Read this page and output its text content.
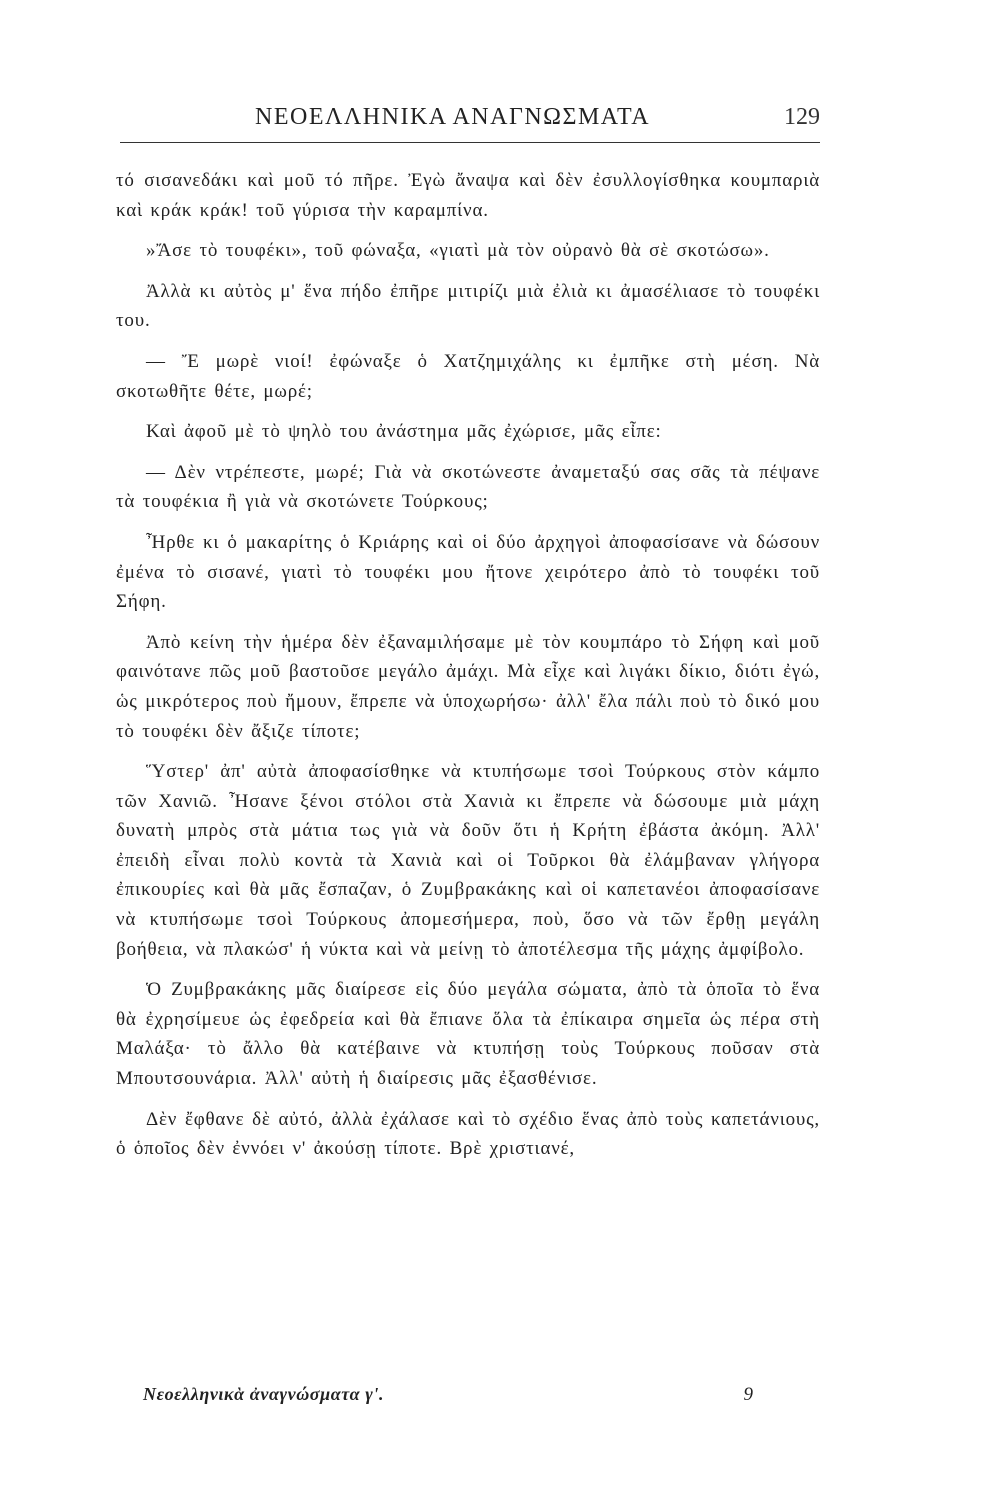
ΝΕΟΕΛΛΗΝΙΚΑ ΑΝΑΓΝΩΣΜΑΤΑ	129

τό σισανεδάκι καὶ μοῦ τό πῆρε. Ἐγὼ ἄναψα καὶ δὲν ἐσυλλογίσθηκα κουμπαριὰ καὶ κράκ κράκ! τοῦ γύρισα τὴν καραμπίνα.

»Ἄσε τὸ τουφέκι», τοῦ φώναξα, «γιατὶ μὰ τὸν οὐρανὸ θὰ σὲ σκοτώσω».

Ἀλλὰ κι αὐτὸς μ' ἕνα πήδο ἐπῆρε μιτιρίζι μιὰ ἐλιὰ κι ἀμασέλιασε τὸ τουφέκι του.

— Ἔ μωρὲ νιοί! ἐφώναξε ὁ Χατζημιχάλης κι ἐμπῆκε στὴ μέση. Νὰ σκοτωθῆτε θέτε, μωρέ;

Καὶ ἀφοῦ μὲ τὸ ψηλὸ του ἀνάστημα μᾶς ἐχώρισε, μᾶς εἶπε:

— Δὲν ντρέπεστε, μωρέ; Γιὰ νὰ σκοτώνεστε ἀναμεταξύ σας σᾶς τὰ πέψανε τὰ τουφέκια ἢ γιὰ νὰ σκοτώνετε Τούρκους;

Ἦρθε κι ὁ μακαρίτης ὁ Κριάρης καὶ οἱ δύο ἀρχηγοὶ ἀποφασίσανε νὰ δώσουν ἐμένα τὸ σισανέ, γιατὶ τὸ τουφέκι μου ἤτονε χειρότερο ἀπὸ τὸ τουφέκι τοῦ Σήφη.

Ἀπὸ κείνη τὴν ἡμέρα δὲν ἐξαναμιλήσαμε μὲ τὸν κουμπάρο τὸ Σήφη καὶ μοῦ φαινότανε πῶς μοῦ βαστοῦσε μεγάλο ἀμάχι. Μὰ εἶχε καὶ λιγάκι δίκιο, διότι ἐγώ, ὡς μικρότερος ποὺ ἤμουν, ἔπρεπε νὰ ὑποχωρήσω· ἀλλ' ἔλα πάλι ποὺ τὸ δικό μου τὸ τουφέκι δὲν ἄξιζε τίποτε;

Ὕστερ' ἀπ' αὐτὰ ἀποφασίσθηκε νὰ κτυπήσωμε τσοὶ Τούρκους στὸν κάμπο τῶν Χανιῶ. Ἦσανε ξένοι στόλοι στὰ Χανιὰ κι ἔπρεπε νὰ δώσουμε μιὰ μάχη δυνατὴ μπρὸς στὰ μάτια τως γιὰ νὰ δοῦν ὅτι ἡ Κρήτη ἐβάστα ἀκόμη. Ἀλλ' ἐπειδὴ εἶναι πολὺ κοντὰ τὰ Χανιὰ καὶ οἱ Τοῦρκοι θὰ ἐλάμβαναν γλήγορα ἐπικουρίες καὶ θὰ μᾶς ἔσπαζαν, ὁ Ζυμβρακάκης καὶ οἱ καπετανέοι ἀποφασίσανε νὰ κτυπήσωμε τσοὶ Τούρκους ἀπομεσήμερα, ποὺ, ὅσο νὰ τῶν ἔρθῃ μεγάλη βοήθεια, νὰ πλακώσ' ἡ νύκτα καὶ νὰ μείνῃ τὸ ἀποτέλεσμα τῆς μάχης ἀμφίβολο.

Ὁ Ζυμβρακάκης μᾶς διαίρεσε εἰς δύο μεγάλα σώματα, ἀπὸ τὰ ὁποῖα τὸ ἕνα θὰ ἐχρησίμευε ὡς ἐφεδρεία καὶ θὰ ἔπιανε ὅλα τὰ ἐπίκαιρα σημεῖα ὡς πέρα στὴ Μαλάξα· τὸ ἄλλο θὰ κατέβαινε νὰ κτυπήσῃ τοὺς Τούρκους ποῦσαν στὰ Μπουτσουνάρια. Ἀλλ' αὐτὴ ἡ διαίρεσις μᾶς ἐξασθένισε.

Δὲν ἔφθανε δὲ αὐτό, ἀλλὰ ἐχάλασε καὶ τὸ σχέδιο ἕνας ἀπὸ τοὺς καπετάνιους, ὁ ὁποῖος δὲν ἐννόει ν' ἀκούσῃ τίποτε. Βρὲ χριστιανέ,

Νεοελληνικὰ ἀναγνώσματα γ'.	9
